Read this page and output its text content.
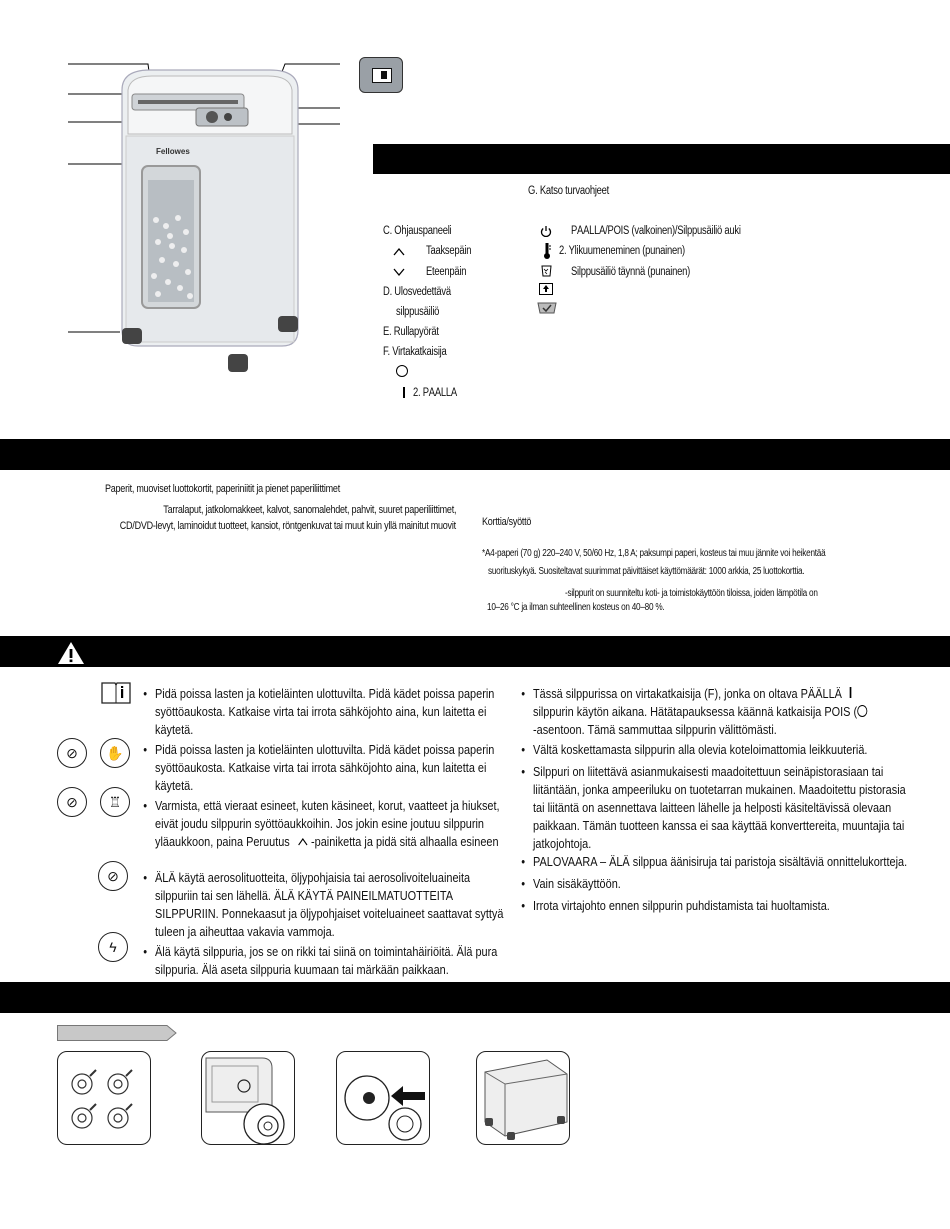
Fellowes
G. Katso turvaohjeet
C. Ohjauspaneeli
Taaksepäin
Eteenpäin
D. Ulosvedettävä
silppusäiliö
E. Rullapyörät
F. Virtakatkaisija
2. PÄÄLLÄ
PÄÄLLÄ/POIS (valkoinen)/Silppusäiliö auki
2. Ylikuumeneminen (punainen)
Silppusäiliö täynnä (punainen)
Paperit, muoviset luottokortit, paperiniitit ja pienet paperiliittimet
Tarralaput, jatkolomakkeet, kalvot, sanomalehdet, pahvit, suuret paperiliittimet,
CD/DVD-levyt, laminoidut tuotteet, kansiot, röntgenkuvat tai muut kuin yllä mainitut muovit Korttia/syöttö
*A4-paperi (70 g) 220–240 V, 50/60 Hz, 1,8 A; paksumpi paperi, kosteus tai muu jännite voi heikentää
suorituskykyä. Suositeltavat suurimmat päivittäiset käyttömäärät: 1000 arkkia, 25 luottokorttia.
-silppurit on suunniteltu koti- ja toimistokäyttöön tiloissa, joiden lämpötila on
10–26 °C ja ilman suhteellinen kosteus on 40–80 %.
⊘	✋
⊘	♖
⊘
ϟ
• Pidä poissa lasten ja kotieläinten ulottuvilta. Pidä kädet poissa paperin syöttöaukosta. Katkaise virta tai irrota sähköjohto aina, kun laitetta ei käytetä.
• Pidä poissa lasten ja kotieläinten ulottuvilta. Pidä kädet poissa paperin syöttöaukosta. Katkaise virta tai irrota sähköjohto aina, kun laitetta ei käytetä.
• Varmista, että vieraat esineet, kuten käsineet, korut, vaatteet ja hiukset, eivät joudu silppurin syöttöaukkoihin. Jos jokin esine joutuu silppurin yläaukkoon, paina Peruutus -painiketta ja pidä sitä alhaalla esineen
• ÄLÄ käytä aerosolituotteita, öljypohjaisia tai aerosolivoiteluaineita silppuriin tai sen lähellä. ÄLÄ KÄYTÄ PAINEILMATUOTTEITA SILPPURIIN. Ponnekaasut ja öljypohjaiset voiteluaineet saattavat syttyä tuleen ja aiheuttaa vakavia vammoja.
• Älä käytä silppuria, jos se on rikki tai siinä on toimintahäiriöitä. Älä pura silppuria. Älä aseta silppuria kuumaan tai märkään paikkaan.
• Tässä silppurissa on virtakatkaisija (F), jonka on oltava PÄÄLLÄ
silppurin käytön aikana. Hätätapauksessa käännä katkaisija POIS (
-asentoon. Tämä sammuttaa silppurin välittömästi.
• Vältä koskettamasta silppurin alla olevia koteloimattomia leikkuuteriä.
• Silppuri on liitettävä asianmukaisesti maadoitettuun seinäpistorasiaan tai liitäntään, jonka ampeeriluku on tuotetarran mukainen. Maadoitettu pistorasia tai liitäntä on asennettava laitteen lähelle ja helposti käsiteltävissä olevaan paikkaan. Tämän tuotteen kanssa ei saa käyttää konverttereita, muuntajia tai jatkojohtoja.
• PALOVAARA – ÄLÄ silppua äänisiruja tai paristoja sisältäviä onnittelukortteja.
• Vain sisäkäyttöön.
• Irrota virtajohto ennen silppurin puhdistamista tai huoltamista.
